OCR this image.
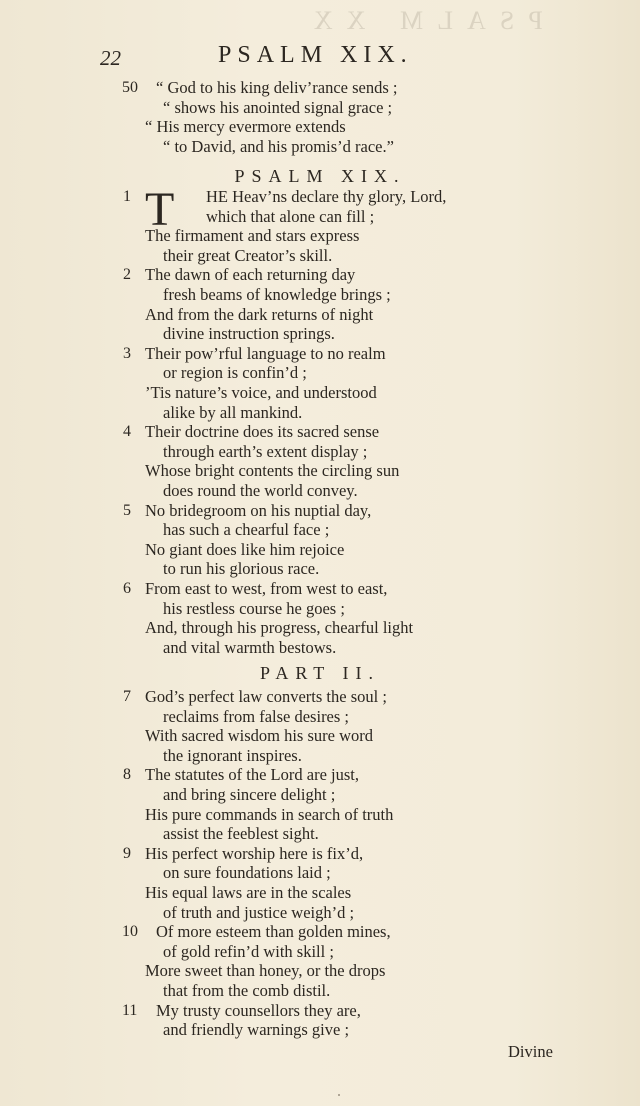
PSALM XX
22	PSALM XIX.
50	“ God to his king deliv’rance sends ;
“ shows his anointed signal grace ;
“ His mercy evermore extends
“ to David, and his promis’d race.”
1	HE Heav’ns declare thy glory, Lord,
which that alone can fill ;
The firmament and stars express
their great Creator’s skill.
2 The dawn of each returning day
fresh beams of knowledge brings ;
And from the dark returns of night
divine instruction springs.
3 Their pow’rful language to no realm
or region is confin’d ;
’Tis nature’s voice, and understood
alike by all mankind.
4 Their doctrine does its sacred sense
through earth’s extent display ;
Whose bright contents the circling sun
does round the world convey.
5 No bridegroom on his nuptial day,
has such a chearful face ;
No giant does like him rejoice
to run his glorious race.
6 From east to west, from west to east,
his restless course he goes ;
And, through his progress, chearful light
and vital warmth bestows.
7 God’s perfect law converts the soul ;
reclaims from false desires ;
With sacred wisdom his sure word
the ignorant inspires.
8 The statutes of the Lord are just,
and bring sincere delight ;
His pure commands in search of truth
assist the feeblest sight.
9 His perfect worship here is fix’d,
on sure foundations laid ;
His equal laws are in the scales
of truth and justice weigh’d ;
10	Of more esteem than golden mines,
of gold refin’d with skill ;
More sweet than honey, or the drops
that from the comb distil.
11	My trusty counsellors they are,
and friendly warnings give ;
PSALM XIX.
T
PART II.
Divine
